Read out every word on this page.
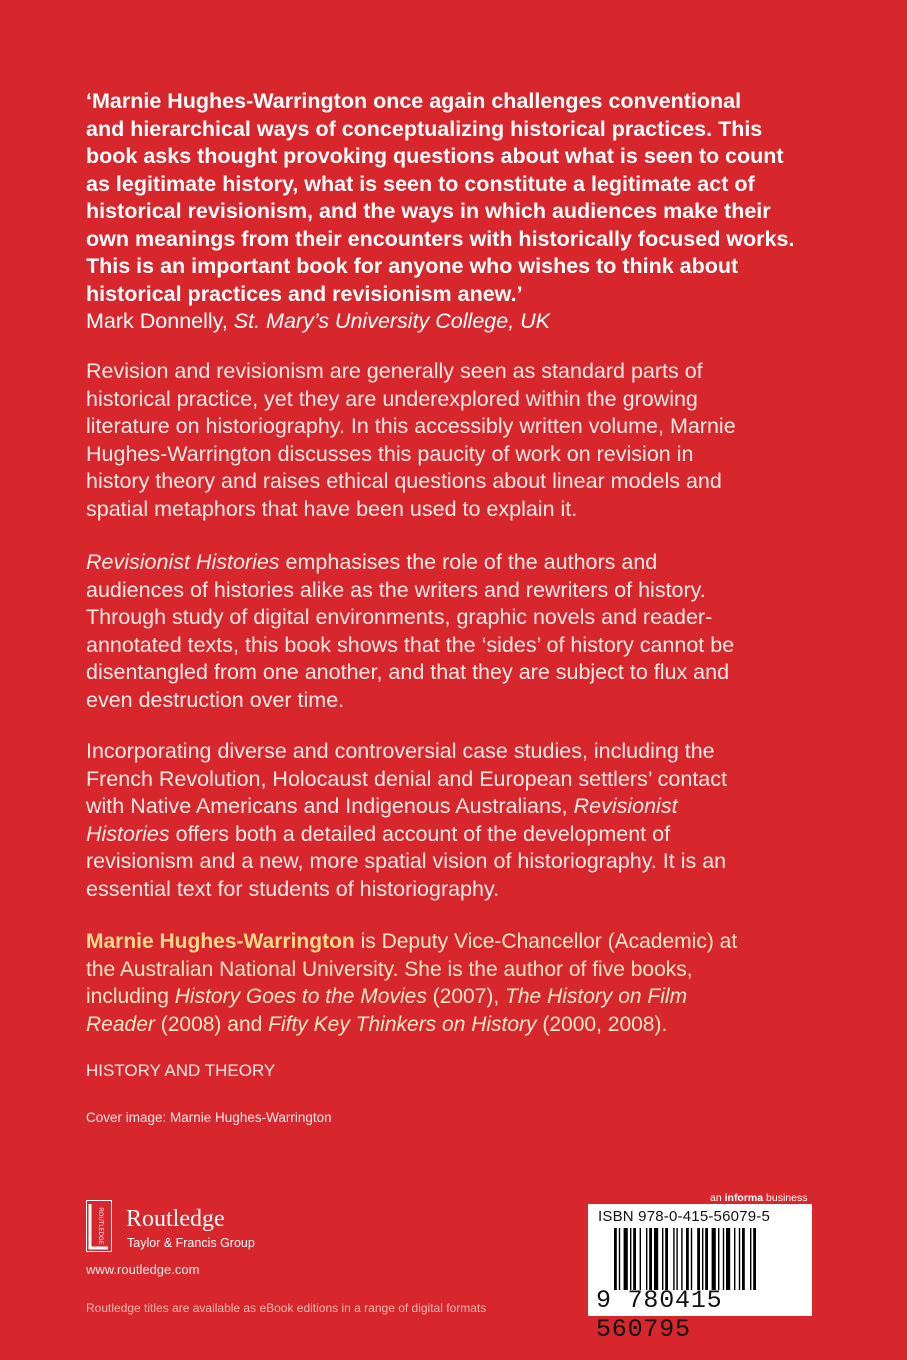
‘Marnie Hughes-Warrington once again challenges conventional
and hierarchical ways of conceptualizing historical practices. This
book asks thought provoking questions about what is seen to count
as legitimate history, what is seen to constitute a legitimate act of
historical revisionism, and the ways in which audiences make their
own meanings from their encounters with historically focused works.
This is an important book for anyone who wishes to think about
historical practices and revisionism anew.’
Mark Donnelly, St. Mary’s University College, UK
Revision and revisionism are generally seen as standard parts of
historical practice, yet they are underexplored within the growing
literature on historiography. In this accessibly written volume, Marnie
Hughes-Warrington discusses this paucity of work on revision in
history theory and raises ethical questions about linear models and
spatial metaphors that have been used to explain it.
Revisionist Histories emphasises the role of the authors and
audiences of histories alike as the writers and rewriters of history.
Through study of digital environments, graphic novels and reader-
annotated texts, this book shows that the ‘sides’ of history cannot be
disentangled from one another, and that they are subject to flux and
even destruction over time.
Incorporating diverse and controversial case studies, including the
French Revolution, Holocaust denial and European settlers’ contact
with Native Americans and Indigenous Australians, Revisionist
Histories offers both a detailed account of the development of
revisionism and a new, more spatial vision of historiography. It is an
essential text for students of historiography.
Marnie Hughes-Warrington is Deputy Vice-Chancellor (Academic) at
the Australian National University. She is the author of five books,
including History Goes to the Movies (2007), The History on Film
Reader (2008) and Fifty Key Thinkers on History (2000, 2008).
HISTORY AND THEORY
Cover image: Marnie Hughes-Warrington
ROUTLEDGE Routledge
Taylor & Francis Group
www.routledge.com
Routledge titles are available as eBook editions in a range of digital formats
an informa business
ISBN 978-0-415-56079-5
9 780415 560795
